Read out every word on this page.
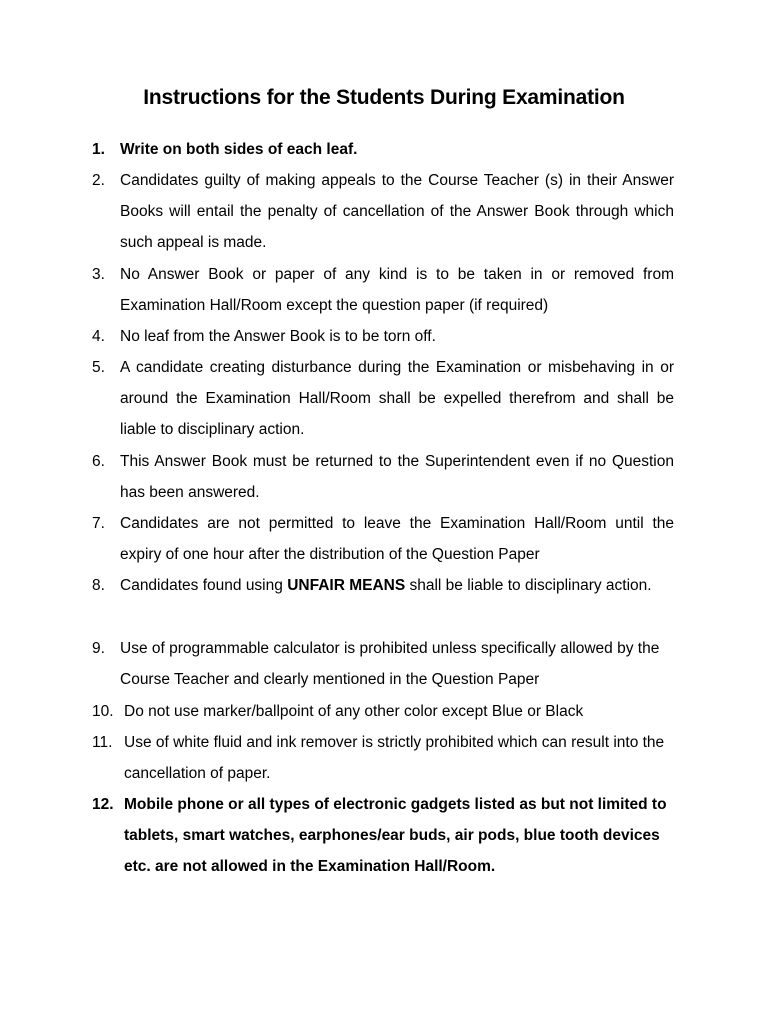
Instructions for the Students During Examination
1. Write on both sides of each leaf.
2. Candidates guilty of making appeals to the Course Teacher (s) in their Answer Books will entail the penalty of cancellation of the Answer Book through which such appeal is made.
3. No Answer Book or paper of any kind is to be taken in or removed from Examination Hall/Room except the question paper (if required)
4. No leaf from the Answer Book is to be torn off.
5. A candidate creating disturbance during the Examination or misbehaving in or around the Examination Hall/Room shall be expelled therefrom and shall be liable to disciplinary action.
6. This Answer Book must be returned to the Superintendent even if no Question has been answered.
7. Candidates are not permitted to leave the Examination Hall/Room until the expiry of one hour after the distribution of the Question Paper
8. Candidates found using UNFAIR MEANS shall be liable to disciplinary action.
9. Use of programmable calculator is prohibited unless specifically allowed by the Course Teacher and clearly mentioned in the Question Paper
10. Do not use marker/ballpoint of any other color except Blue or Black
11. Use of white fluid and ink remover is strictly prohibited which can result into the cancellation of paper.
12. Mobile phone or all types of electronic gadgets listed as but not limited to tablets, smart watches, earphones/ear buds, air pods, blue tooth devices etc. are not allowed in the Examination Hall/Room.
